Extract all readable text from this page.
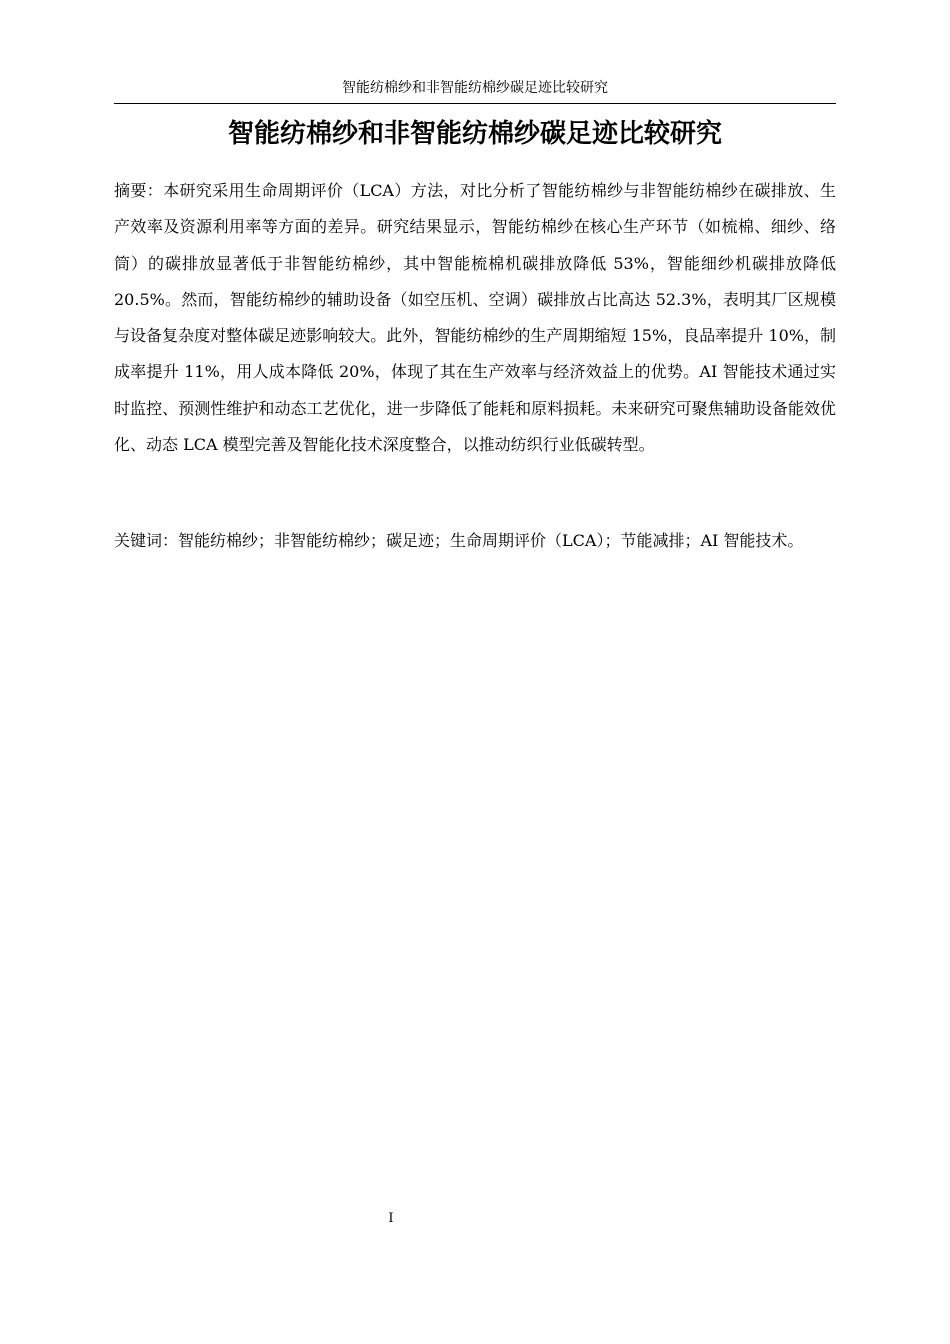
智能纺棉纱和非智能纺棉纱碳足迹比较研究
智能纺棉纱和非智能纺棉纱碳足迹比较研究

摘要：本研究采用生命周期评价（LCA）方法，对比分析了智能纺棉纱与非智能纺棉纱在碳排放、生产效率及资源利用率等方面的差异。研究结果显示，智能纺棉纱在核心生产环节（如梳棉、细纱、络筒）的碳排放显著低于非智能纺棉纱，其中智能梳棉机碳排放降低 53%，智能细纱机碳排放降低 20.5%。然而，智能纺棉纱的辅助设备（如空压机、空调）碳排放占比高达 52.3%，表明其厂区规模与设备复杂度对整体碳足迹影响较大。此外，智能纺棉纱的生产周期缩短 15%，良品率提升 10%，制成率提升 11%，用人成本降低 20%，体现了其在生产效率与经济效益上的优势。AI 智能技术通过实时监控、预测性维护和动态工艺优化，进一步降低了能耗和原料损耗。未来研究可聚焦辅助设备能效优化、动态 LCA 模型完善及智能化技术深度整合，以推动纺织行业低碳转型。

关键词：智能纺棉纱；非智能纺棉纱；碳足迹；生命周期评价（LCA）；节能减排；AI 智能技术。

I
